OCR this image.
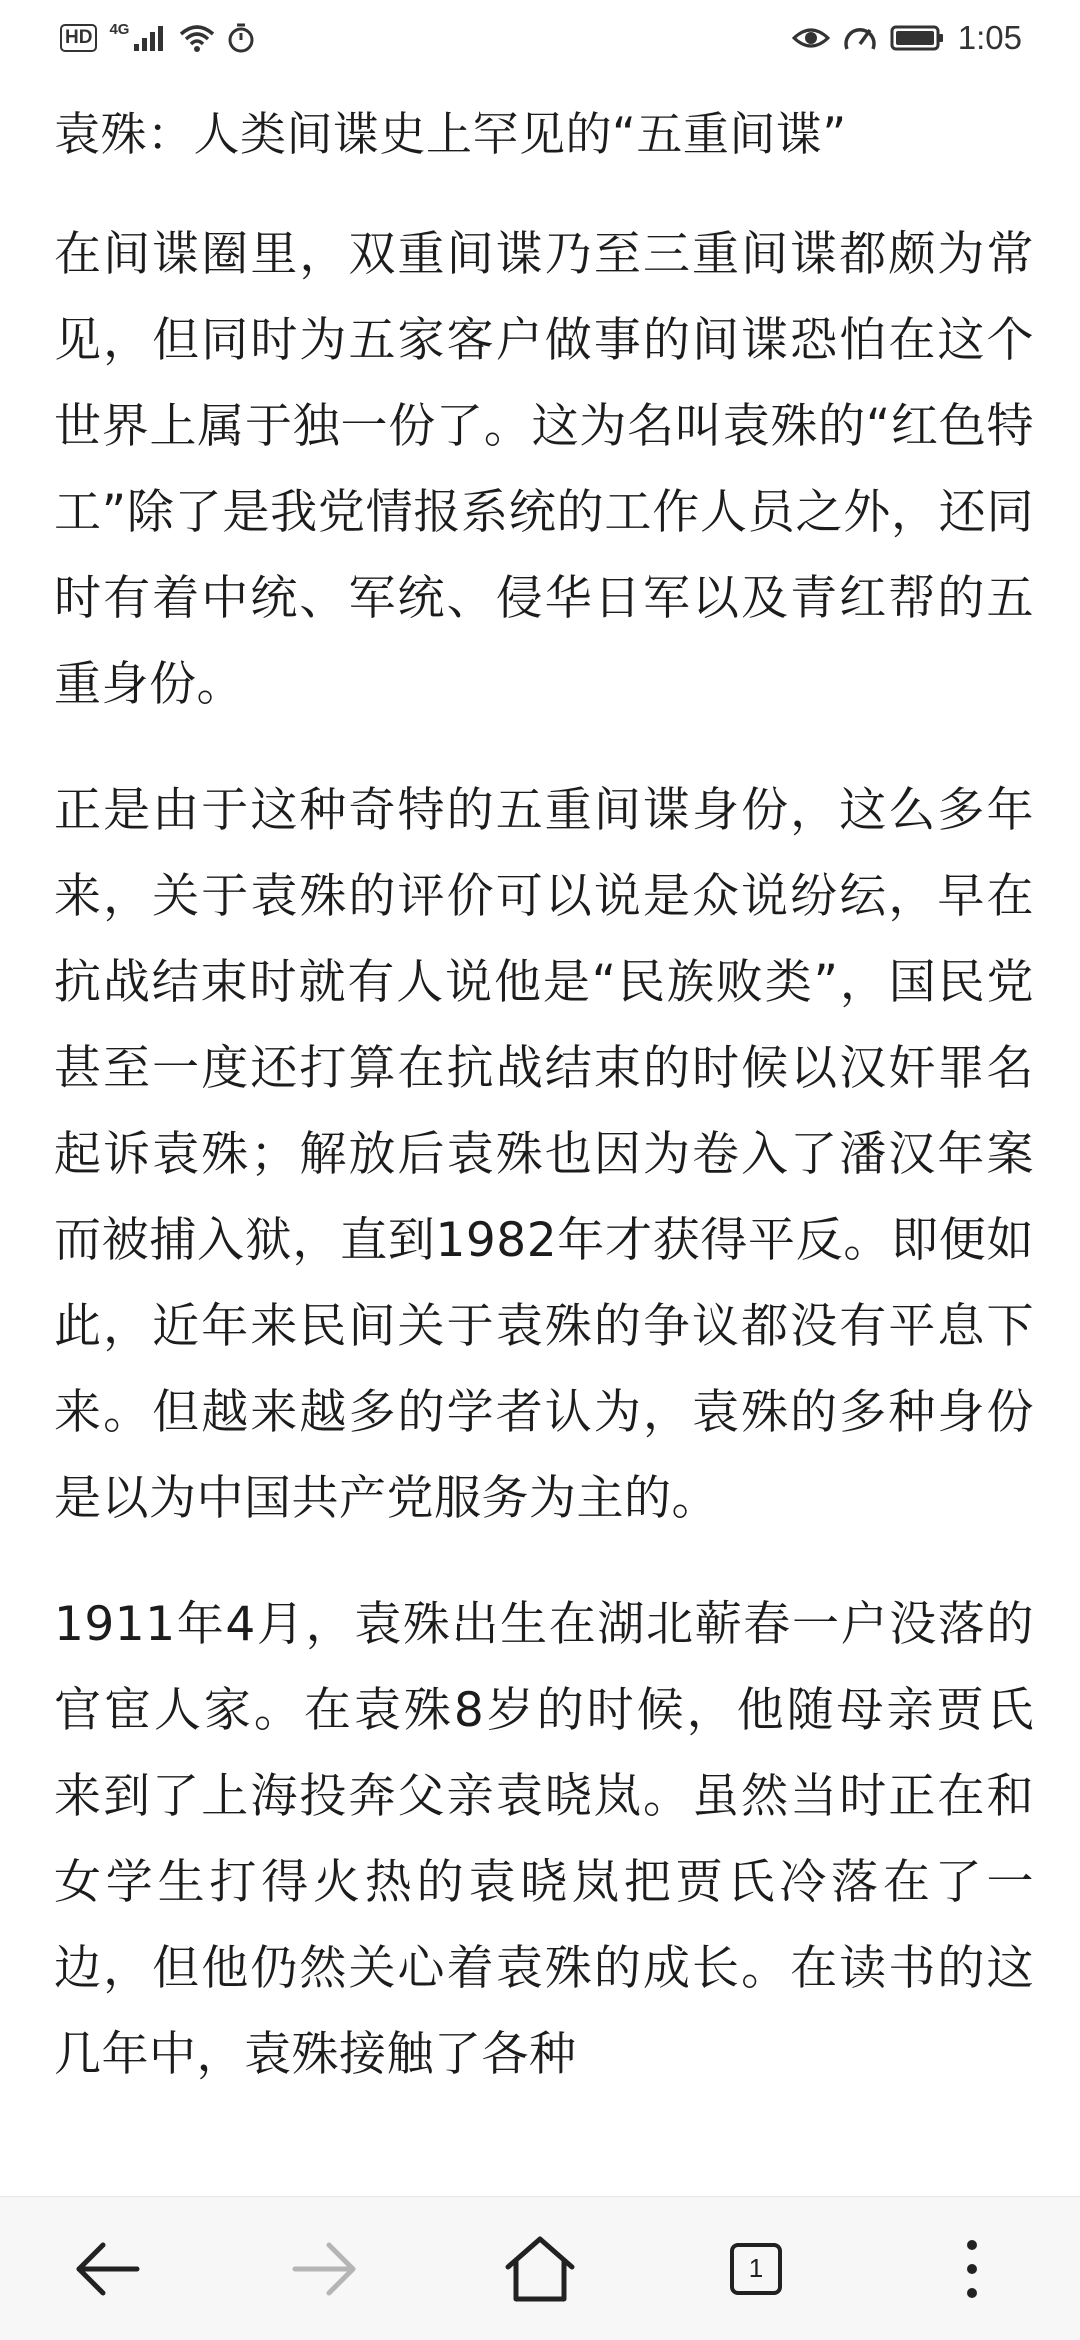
HD	4G	1:05
袁殊：人类间谍史上罕见的“五重间谍”

在间谍圈里，双重间谍乃至三重间谍都颇为常见，但同时为五家客户做事的间谍恐怕在这个世界上属于独一份了。这为名叫袁殊的“红色特工”除了是我党情报系统的工作人员之外，还同时有着中统、军统、侵华日军以及青红帮的五重身份。

正是由于这种奇特的五重间谍身份，这么多年来，关于袁殊的评价可以说是众说纷纭，早在抗战结束时就有人说他是“民族败类”，国民党甚至一度还打算在抗战结束的时候以汉奸罪名起诉袁殊；解放后袁殊也因为卷入了潘汉年案而被捕入狱，直到1982年才获得平反。即便如此，近年来民间关于袁殊的争议都没有平息下来。但越来越多的学者认为，袁殊的多种身份是以为中国共产党服务为主的。

1911年4月，袁殊出生在湖北蕲春一户没落的官宦人家。在袁殊8岁的时候，他随母亲贾氏来到了上海投奔父亲袁晓岚。虽然当时正在和女学生打得火热的袁晓岚把贾氏冷落在了一边，但他仍然关心着袁殊的成长。在读书的这几年中，袁殊接触了各种

1
